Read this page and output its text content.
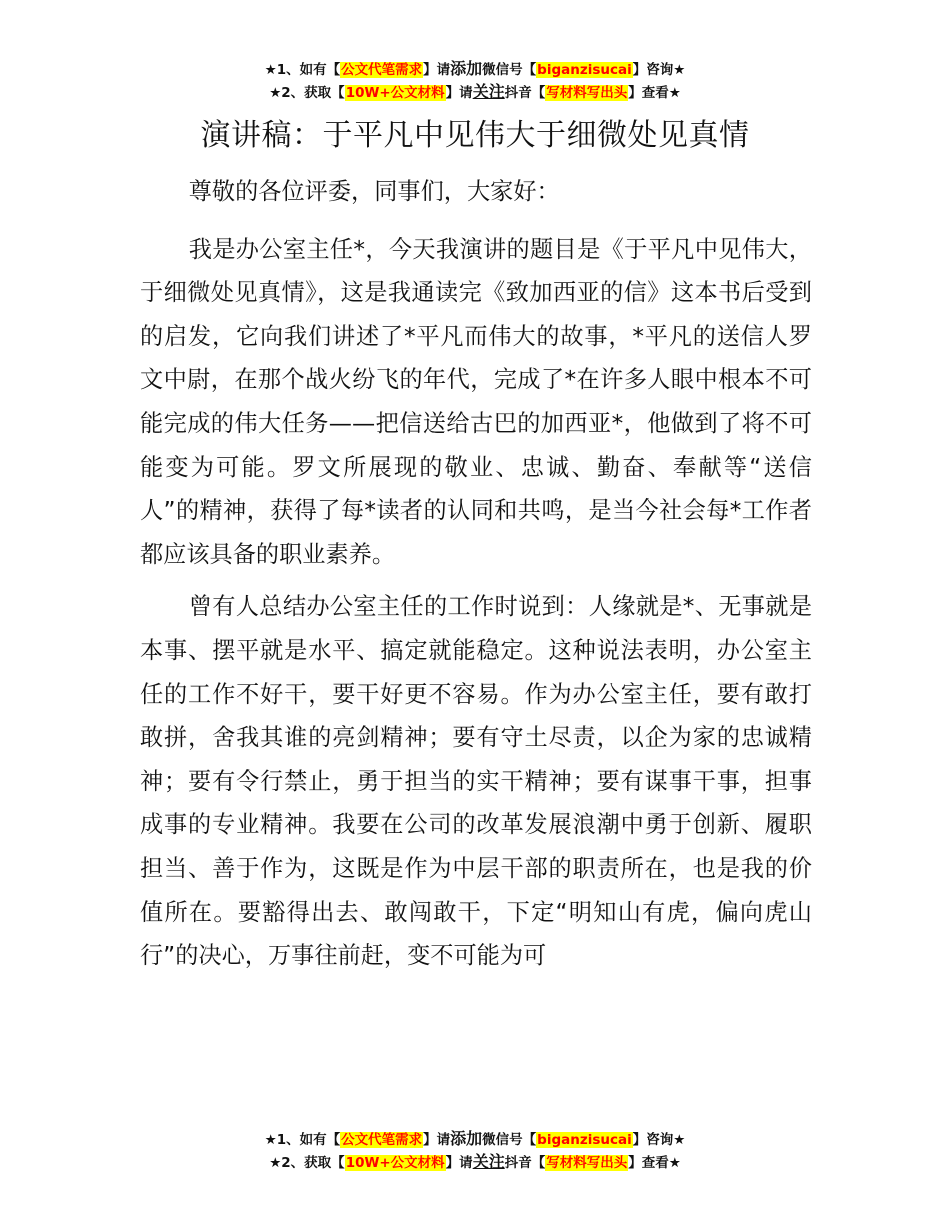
★1、如有【公文代笔需求】请添加微信号【biganzisucai】咨询★
★2、获取【10W+公文材料】请关注抖音【写材料写出头】查看★
演讲稿：于平凡中见伟大于细微处见真情

尊敬的各位评委，同事们，大家好：

我是办公室主任*，今天我演讲的题目是《于平凡中见伟大，于细微处见真情》，这是我通读完《致加西亚的信》这本书后受到的启发，它向我们讲述了*平凡而伟大的故事，*平凡的送信人罗文中尉，在那个战火纷飞的年代，完成了*在许多人眼中根本不可能完成的伟大任务——把信送给古巴的加西亚*，他做到了将不可能变为可能。罗文所展现的敬业、忠诚、勤奋、奉献等“送信人”的精神，获得了每*读者的认同和共鸣，是当今社会每*工作者都应该具备的职业素养。

曾有人总结办公室主任的工作时说到：人缘就是*、无事就是本事、摆平就是水平、搞定就能稳定。这种说法表明，办公室主任的工作不好干，要干好更不容易。作为办公室主任，要有敢打敢拼，舍我其谁的亮剑精神；要有守土尽责，以企为家的忠诚精神；要有令行禁止，勇于担当的实干精神；要有谋事干事，担事成事的专业精神。我要在公司的改革发展浪潮中勇于创新、履职担当、善于作为，这既是作为中层干部的职责所在，也是我的价值所在。要豁得出去、敢闯敢干，下定“明知山有虎，偏向虎山行”的决心，万事往前赶，变不可能为可

★1、如有【公文代笔需求】请添加微信号【biganzisucai】咨询★
★2、获取【10W+公文材料】请关注抖音【写材料写出头】查看★
